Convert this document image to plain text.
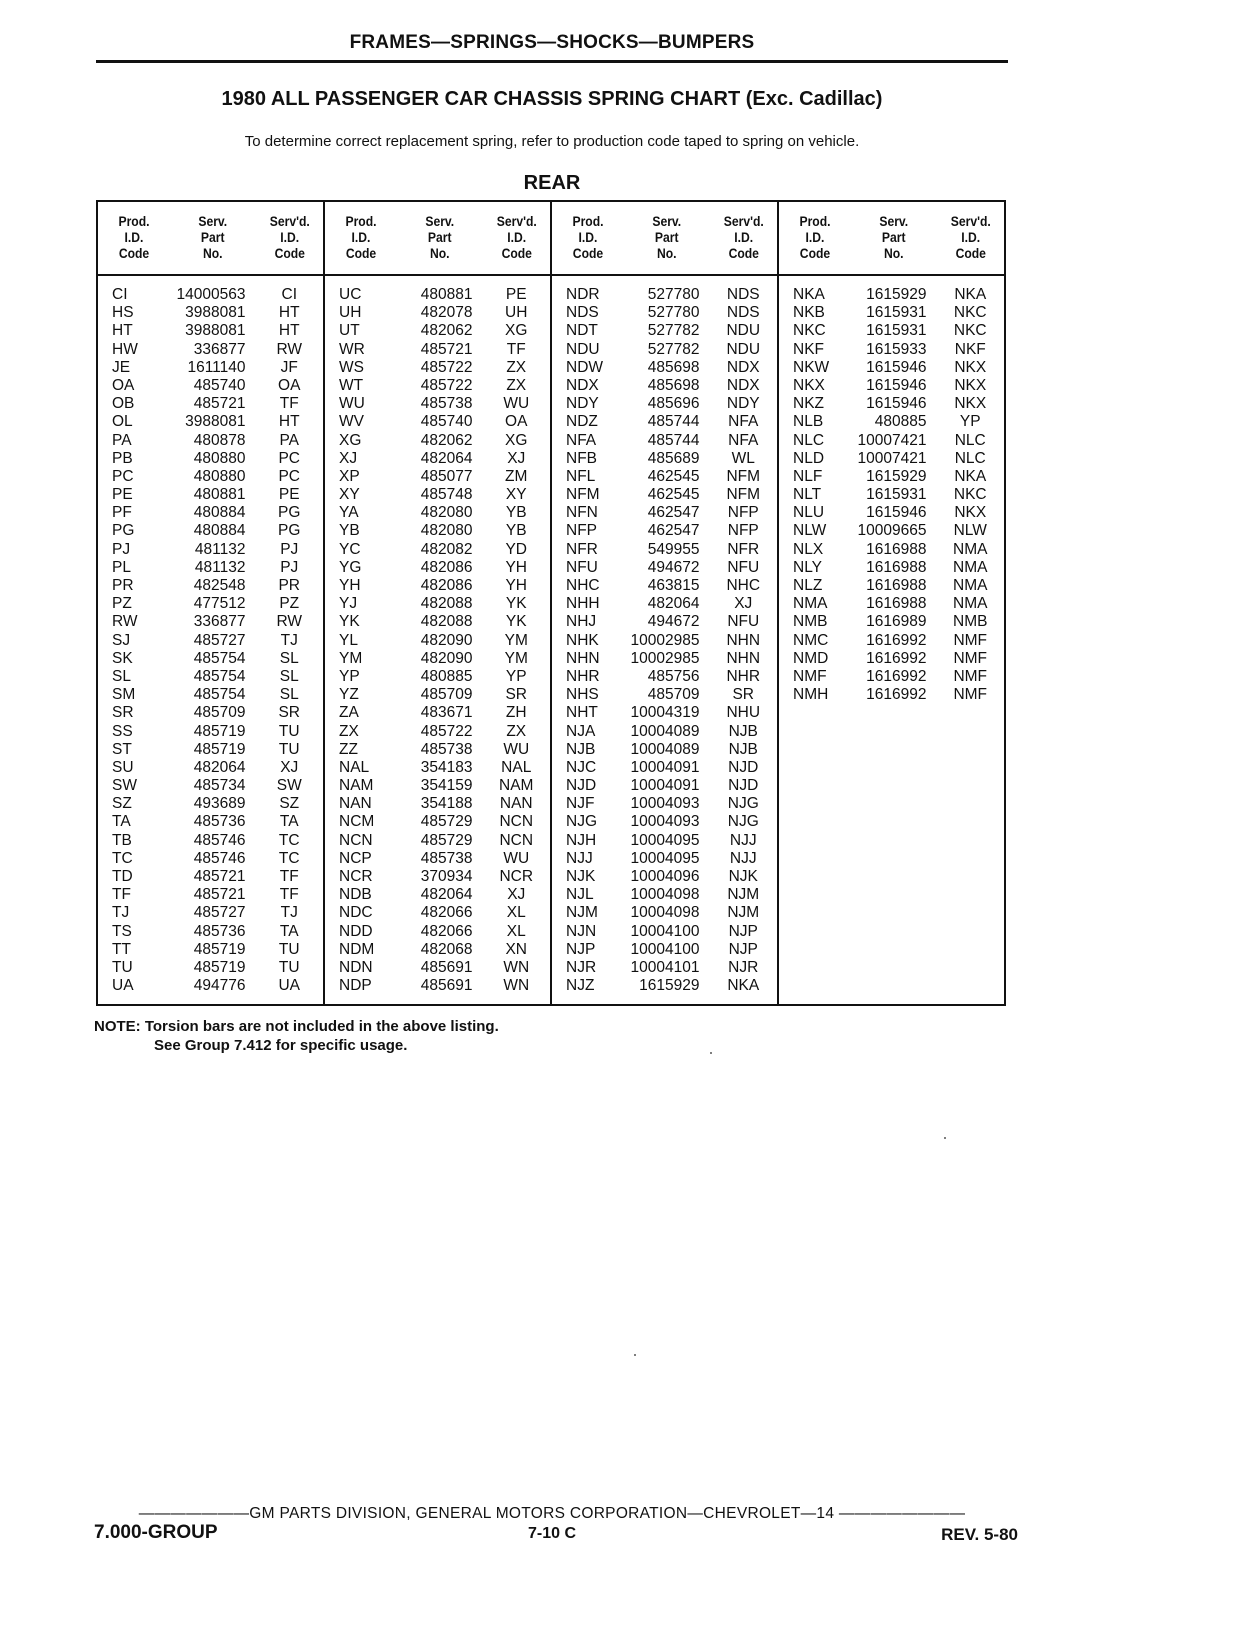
FRAMES—SPRINGS—SHOCKS—BUMPERS
1980 ALL PASSENGER CAR CHASSIS SPRING CHART (Exc. Cadillac)
To determine correct replacement spring, refer to production code taped to spring on vehicle.
REAR
Prod.
I.D.
Code
Serv.
Part
No.
Serv'd.
I.D.
Code
CI	14000563	CI
HS	3988081	HT
HT	3988081	HT
HW	336877	RW
JE	1611140	JF
OA	485740	OA
OB	485721	TF
OL	3988081	HT
PA	480878	PA
PB	480880	PC
PC	480880	PC
PE	480881	PE
PF	480884	PG
PG	480884	PG
PJ	481132	PJ
PL	481132	PJ
PR	482548	PR
PZ	477512	PZ
RW	336877	RW
SJ	485727	TJ
SK	485754	SL
SL	485754	SL
SM	485754	SL
SR	485709	SR
SS	485719	TU
ST	485719	TU
SU	482064	XJ
SW	485734	SW
SZ	493689	SZ
TA	485736	TA
TB	485746	TC
TC	485746	TC
TD	485721	TF
TF	485721	TF
TJ	485727	TJ
TS	485736	TA
TT	485719	TU
TU	485719	TU
UA	494776	UA
Prod.
I.D.
Code
Serv.
Part
No.
Serv'd.
I.D.
Code
UC	480881	PE
UH	482078	UH
UT	482062	XG
WR	485721	TF
WS	485722	ZX
WT	485722	ZX
WU	485738	WU
WV	485740	OA
XG	482062	XG
XJ	482064	XJ
XP	485077	ZM
XY	485748	XY
YA	482080	YB
YB	482080	YB
YC	482082	YD
YG	482086	YH
YH	482086	YH
YJ	482088	YK
YK	482088	YK
YL	482090	YM
YM	482090	YM
YP	480885	YP
YZ	485709	SR
ZA	483671	ZH
ZX	485722	ZX
ZZ	485738	WU
NAL	354183	NAL
NAM	354159	NAM
NAN	354188	NAN
NCM	485729	NCN
NCN	485729	NCN
NCP	485738	WU
NCR	370934	NCR
NDB	482064	XJ
NDC	482066	XL
NDD	482066	XL
NDM	482068	XN
NDN	485691	WN
NDP	485691	WN
Prod.
I.D.
Code
Serv.
Part
No.
Serv'd.
I.D.
Code
NDR	527780	NDS
NDS	527780	NDS
NDT	527782	NDU
NDU	527782	NDU
NDW	485698	NDX
NDX	485698	NDX
NDY	485696	NDY
NDZ	485744	NFA
NFA	485744	NFA
NFB	485689	WL
NFL	462545	NFM
NFM	462545	NFM
NFN	462547	NFP
NFP	462547	NFP
NFR	549955	NFR
NFU	494672	NFU
NHC	463815	NHC
NHH	482064	XJ
NHJ	494672	NFU
NHK	10002985	NHN
NHN	10002985	NHN
NHR	485756	NHR
NHS	485709	SR
NHT	10004319	NHU
NJA	10004089	NJB
NJB	10004089	NJB
NJC	10004091	NJD
NJD	10004091	NJD
NJF	10004093	NJG
NJG	10004093	NJG
NJH	10004095	NJJ
NJJ	10004095	NJJ
NJK	10004096	NJK
NJL	10004098	NJM
NJM	10004098	NJM
NJN	10004100	NJP
NJP	10004100	NJP
NJR	10004101	NJR
NJZ	1615929	NKA
Prod.
I.D.
Code
Serv.
Part
No.
Serv'd.
I.D.
Code
NKA	1615929	NKA
NKB	1615931	NKC
NKC	1615931	NKC
NKF	1615933	NKF
NKW	1615946	NKX
NKX	1615946	NKX
NKZ	1615946	NKX
NLB	480885	YP
NLC	10007421	NLC
NLD	10007421	NLC
NLF	1615929	NKA
NLT	1615931	NKC
NLU	1615946	NKX
NLW	10009665	NLW
NLX	1616988	NMA
NLY	1616988	NMA
NLZ	1616988	NMA
NMA	1616988	NMA
NMB	1616989	NMB
NMC	1616992	NMF
NMD	1616992	NMF
NMF	1616992	NMF
NMH	1616992	NMF
NOTE: Torsion bars are not included in the above listing.
See Group 7.412 for specific usage.
———————GM PARTS DIVISION, GENERAL MOTORS CORPORATION—CHEVROLET—14 ————————
7.000-GROUP	7-10 C	REV. 5-80
